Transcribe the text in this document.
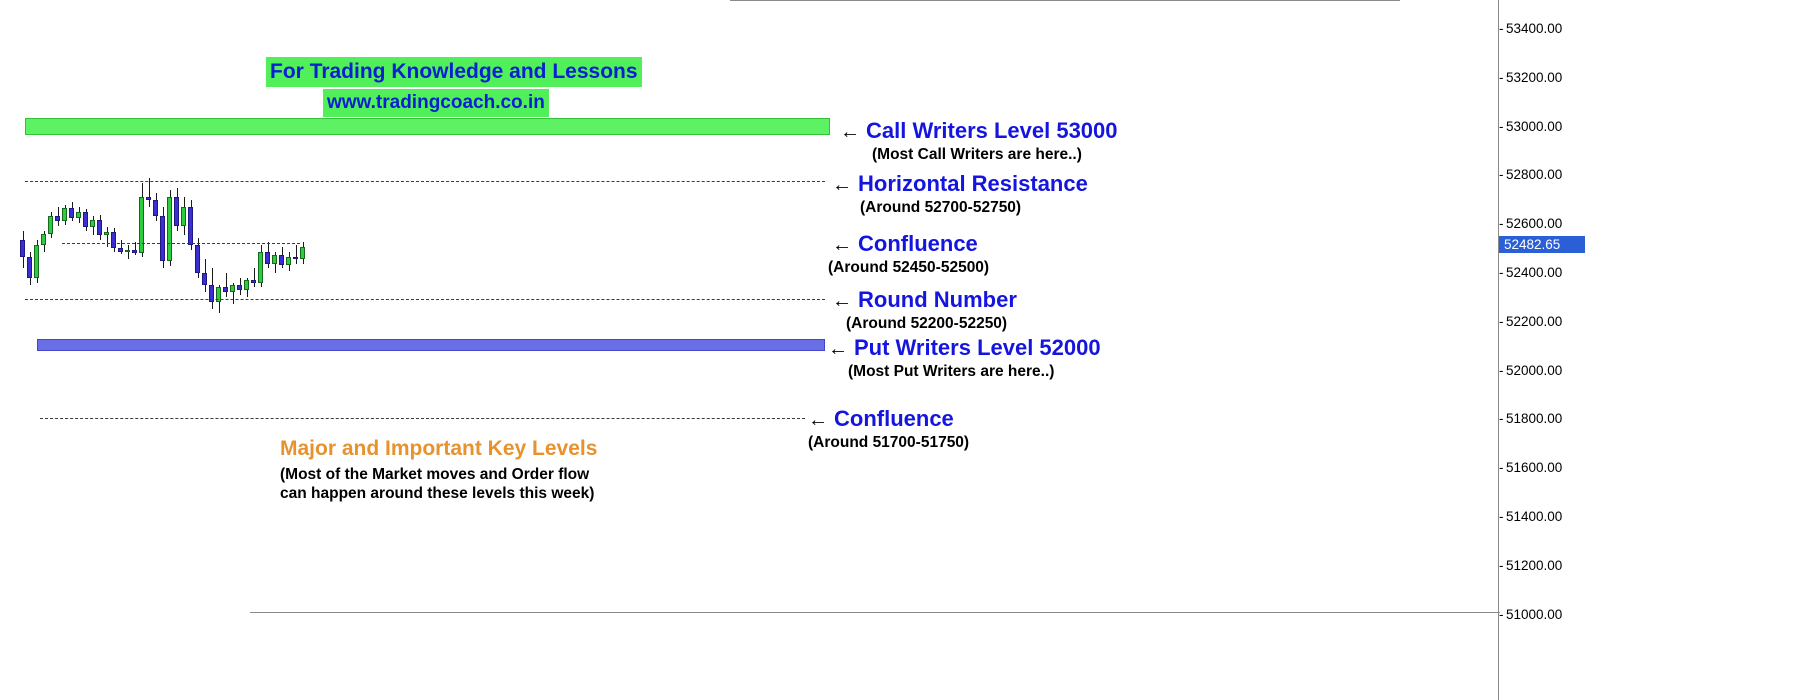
For Trading Knowledge and Lessons
www.tradingcoach.co.in
← Call Writers Level 53000
(Most Call Writers are here..)
← Horizontal Resistance
(Around 52700-52750)
← Confluence
(Around 52450-52500)
← Round Number
(Around 52200-52250)
← Put Writers Level 52000
(Most Put Writers are here..)
← Confluence
(Around 51700-51750)
Major and Important Key Levels
(Most of the Market moves and Order flow
can happen around these levels this week)
- 53400.00
- 53200.00
- 53000.00
- 52800.00
- 52600.00
- 52400.00
- 52200.00
- 52000.00
- 51800.00
- 51600.00
- 51400.00
- 51200.00
- 51000.00
52482.65
